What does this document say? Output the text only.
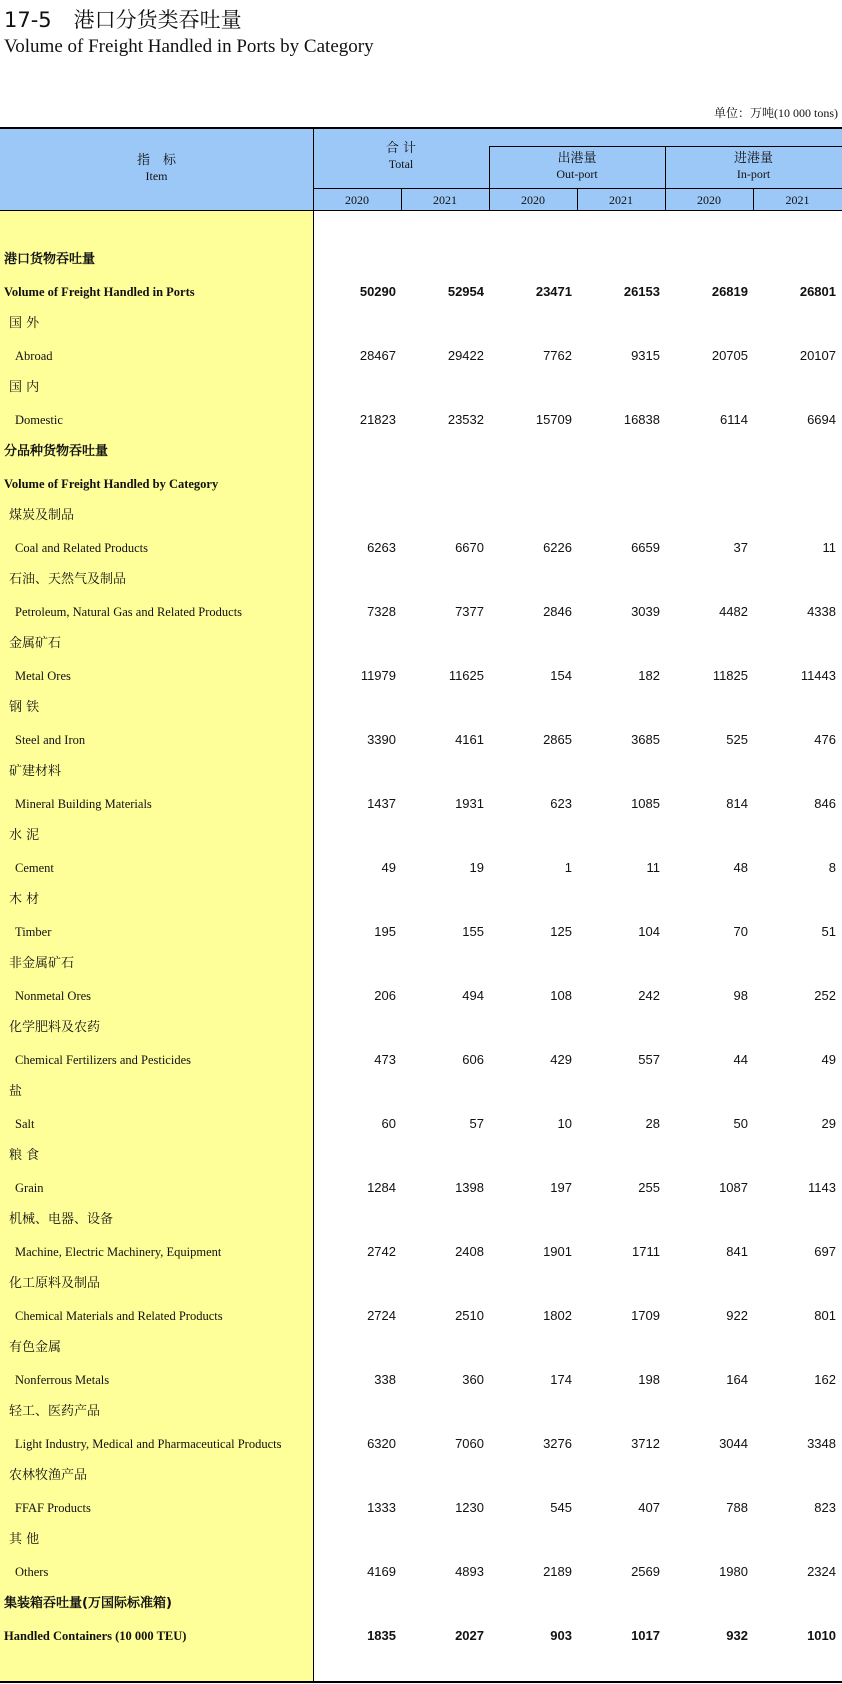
17-5 港口分货类吞吐量
Volume of Freight Handled in Ports by Category
单位：万吨(10 000 tons)
指　标
Item
合 计
Total	出港量
Out-port
进港量
In-port
2020	2021	2020	2021	2020	2021
港口货物吞吐量
Volume of Freight Handled in Ports	50290	52954	23471	26153	26819	26801
国 外
Abroad	28467	29422	7762	9315	20705	20107
国 内
Domestic	21823	23532	15709	16838	6114	6694
分品种货物吞吐量
Volume of Freight Handled by Category
煤炭及制品
Coal and Related Products	6263	6670	6226	6659	37	11
石油、天然气及制品
Petroleum, Natural Gas and Related Products	7328	7377	2846	3039	4482	4338
金属矿石
Metal Ores	11979	11625	154	182	11825	11443
钢 铁
Steel and Iron	3390	4161	2865	3685	525	476
矿建材料
Mineral Building Materials	1437	1931	623	1085	814	846
水 泥
Cement	49	19	1	11	48	8
木 材
Timber	195	155	125	104	70	51
非金属矿石
Nonmetal Ores	206	494	108	242	98	252
化学肥料及农药
Chemical Fertilizers and Pesticides	473	606	429	557	44	49
盐
Salt	60	57	10	28	50	29
粮 食
Grain	1284	1398	197	255	1087	1143
机械、电器、设备
Machine, Electric Machinery, Equipment	2742	2408	1901	1711	841	697
化工原料及制品
Chemical Materials and Related Products	2724	2510	1802	1709	922	801
有色金属
Nonferrous Metals	338	360	174	198	164	162
轻工、医药产品
Light Industry, Medical and Pharmaceutical Products	6320	7060	3276	3712	3044	3348
农林牧渔产品
FFAF Products	1333	1230	545	407	788	823
其 他
Others	4169	4893	2189	2569	1980	2324
集装箱吞吐量(万国际标准箱)
Handled Containers (10 000 TEU)	1835	2027	903	1017	932	1010
